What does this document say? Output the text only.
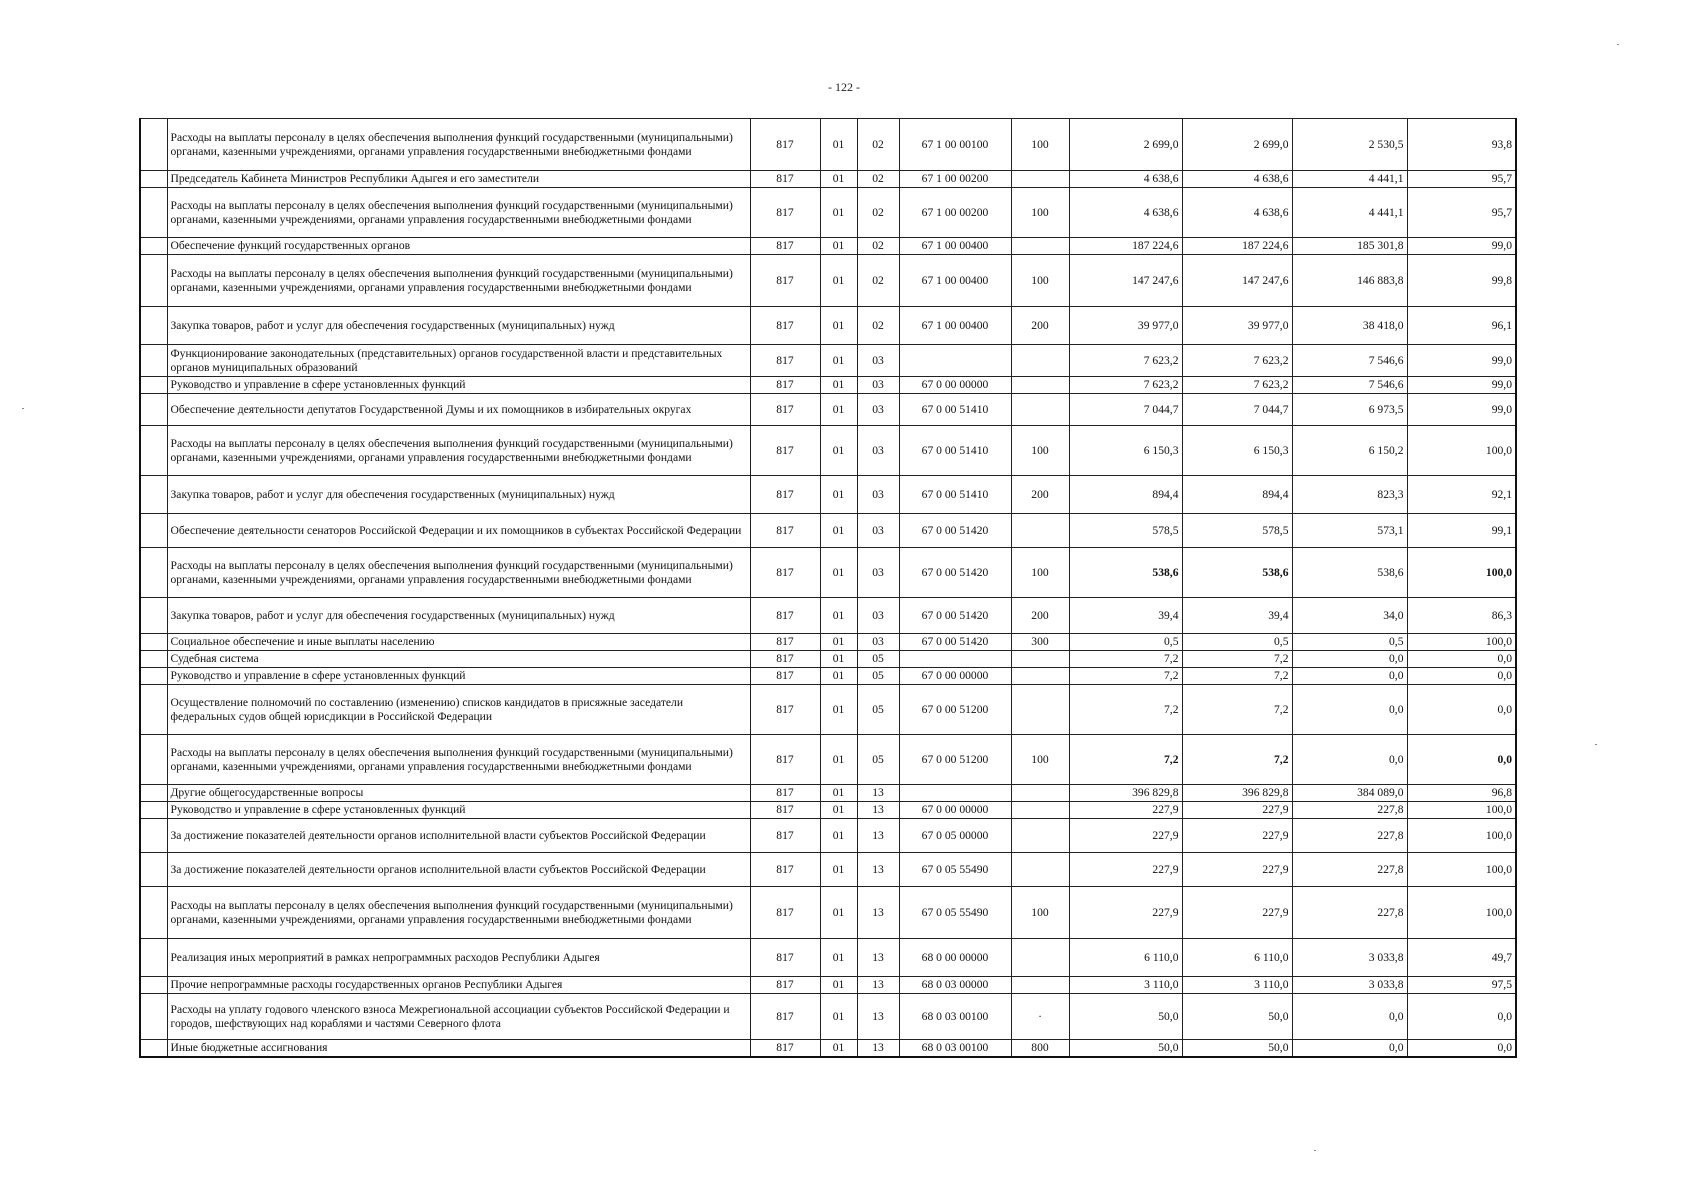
- 122 -
	Расходы на выплаты персоналу в целях обеспечения выполнения функций государственными (муниципальными) органами, казенными учреждениями, органами управления государственными внебюджетными фондами	817	01	02	67 1 00 00100	100	2 699,0	2 699,0	2 530,5	93,8
	Председатель Кабинета Министров Республики Адыгея и его заместители	817	01	02	67 1 00 00200		4 638,6	4 638,6	4 441,1	95,7
	Расходы на выплаты персоналу в целях обеспечения выполнения функций государственными (муниципальными) органами, казенными учреждениями, органами управления государственными внебюджетными фондами	817	01	02	67 1 00 00200	100	4 638,6	4 638,6	4 441,1	95,7
	Обеспечение функций государственных органов	817	01	02	67 1 00 00400		187 224,6	187 224,6	185 301,8	99,0
	Расходы на выплаты персоналу в целях обеспечения выполнения функций государственными (муниципальными) органами, казенными учреждениями, органами управления государственными внебюджетными фондами	817	01	02	67 1 00 00400	100	147 247,6	147 247,6	146 883,8	99,8
	Закупка товаров, работ и услуг для обеспечения государственных (муниципальных) нужд	817	01	02	67 1 00 00400	200	39 977,0	39 977,0	38 418,0	96,1
	Функционирование законодательных (представительных) органов государственной власти и представительных органов муниципальных образований	817	01	03			7 623,2	7 623,2	7 546,6	99,0
	Руководство и управление в сфере установленных функций	817	01	03	67 0 00 00000		7 623,2	7 623,2	7 546,6	99,0
	Обеспечение деятельности депутатов Государственной Думы и их помощников в избирательных округах	817	01	03	67 0 00 51410		7 044,7	7 044,7	6 973,5	99,0
	Расходы на выплаты персоналу в целях обеспечения выполнения функций государственными (муниципальными) органами, казенными учреждениями, органами управления государственными внебюджетными фондами	817	01	03	67 0 00 51410	100	6 150,3	6 150,3	6 150,2	100,0
	Закупка товаров, работ и услуг для обеспечения государственных (муниципальных) нужд	817	01	03	67 0 00 51410	200	894,4	894,4	823,3	92,1
	Обеспечение деятельности сенаторов Российской Федерации и их помощников в субъектах Российской Федерации	817	01	03	67 0 00 51420		578,5	578,5	573,1	99,1
	Расходы на выплаты персоналу в целях обеспечения выполнения функций государственными (муниципальными) органами, казенными учреждениями, органами управления государственными внебюджетными фондами	817	01	03	67 0 00 51420	100	538,6	538,6	538,6	100,0
	Закупка товаров, работ и услуг для обеспечения государственных (муниципальных) нужд	817	01	03	67 0 00 51420	200	39,4	39,4	34,0	86,3
	Социальное обеспечение и иные выплаты населению	817	01	03	67 0 00 51420	300	0,5	0,5	0,5	100,0
	Судебная система	817	01	05			7,2	7,2	0,0	0,0
	Руководство и управление в сфере установленных функций	817	01	05	67 0 00 00000		7,2	7,2	0,0	0,0
	Осуществление полномочий по составлению (изменению) списков кандидатов в присяжные заседатели федеральных судов общей юрисдикции в Российской Федерации	817	01	05	67 0 00 51200		7,2	7,2	0,0	0,0
	Расходы на выплаты персоналу в целях обеспечения выполнения функций государственными (муниципальными) органами, казенными учреждениями, органами управления государственными внебюджетными фондами	817	01	05	67 0 00 51200	100	7,2	7,2	0,0	0,0
	Другие общегосударственные вопросы	817	01	13			396 829,8	396 829,8	384 089,0	96,8
	Руководство и управление в сфере установленных функций	817	01	13	67 0 00 00000		227,9	227,9	227,8	100,0
	За достижение показателей деятельности органов исполнительной власти субъектов Российской Федерации	817	01	13	67 0 05 00000		227,9	227,9	227,8	100,0
	За достижение показателей деятельности органов исполнительной власти субъектов Российской Федерации	817	01	13	67 0 05 55490		227,9	227,9	227,8	100,0
	Расходы на выплаты персоналу в целях обеспечения выполнения функций государственными (муниципальными) органами, казенными учреждениями, органами управления государственными внебюджетными фондами	817	01	13	67 0 05 55490	100	227,9	227,9	227,8	100,0
	Реализация иных мероприятий в рамках непрограммных расходов Республики Адыгея	817	01	13	68 0 00 00000		6 110,0	6 110,0	3 033,8	49,7
	Прочие непрограммные расходы государственных органов Республики Адыгея	817	01	13	68 0 03 00000		3 110,0	3 110,0	3 033,8	97,5
	Расходы на уплату годового членского взноса Межрегиональной ассоциации субъектов Российской Федерации и городов, шефствующих над кораблями и частями Северного флота	817	01	13	68 0 03 00100	·	50,0	50,0	0,0	0,0
	Иные бюджетные ассигнования	817	01	13	68 0 03 00100	800	50,0	50,0	0,0	0,0
